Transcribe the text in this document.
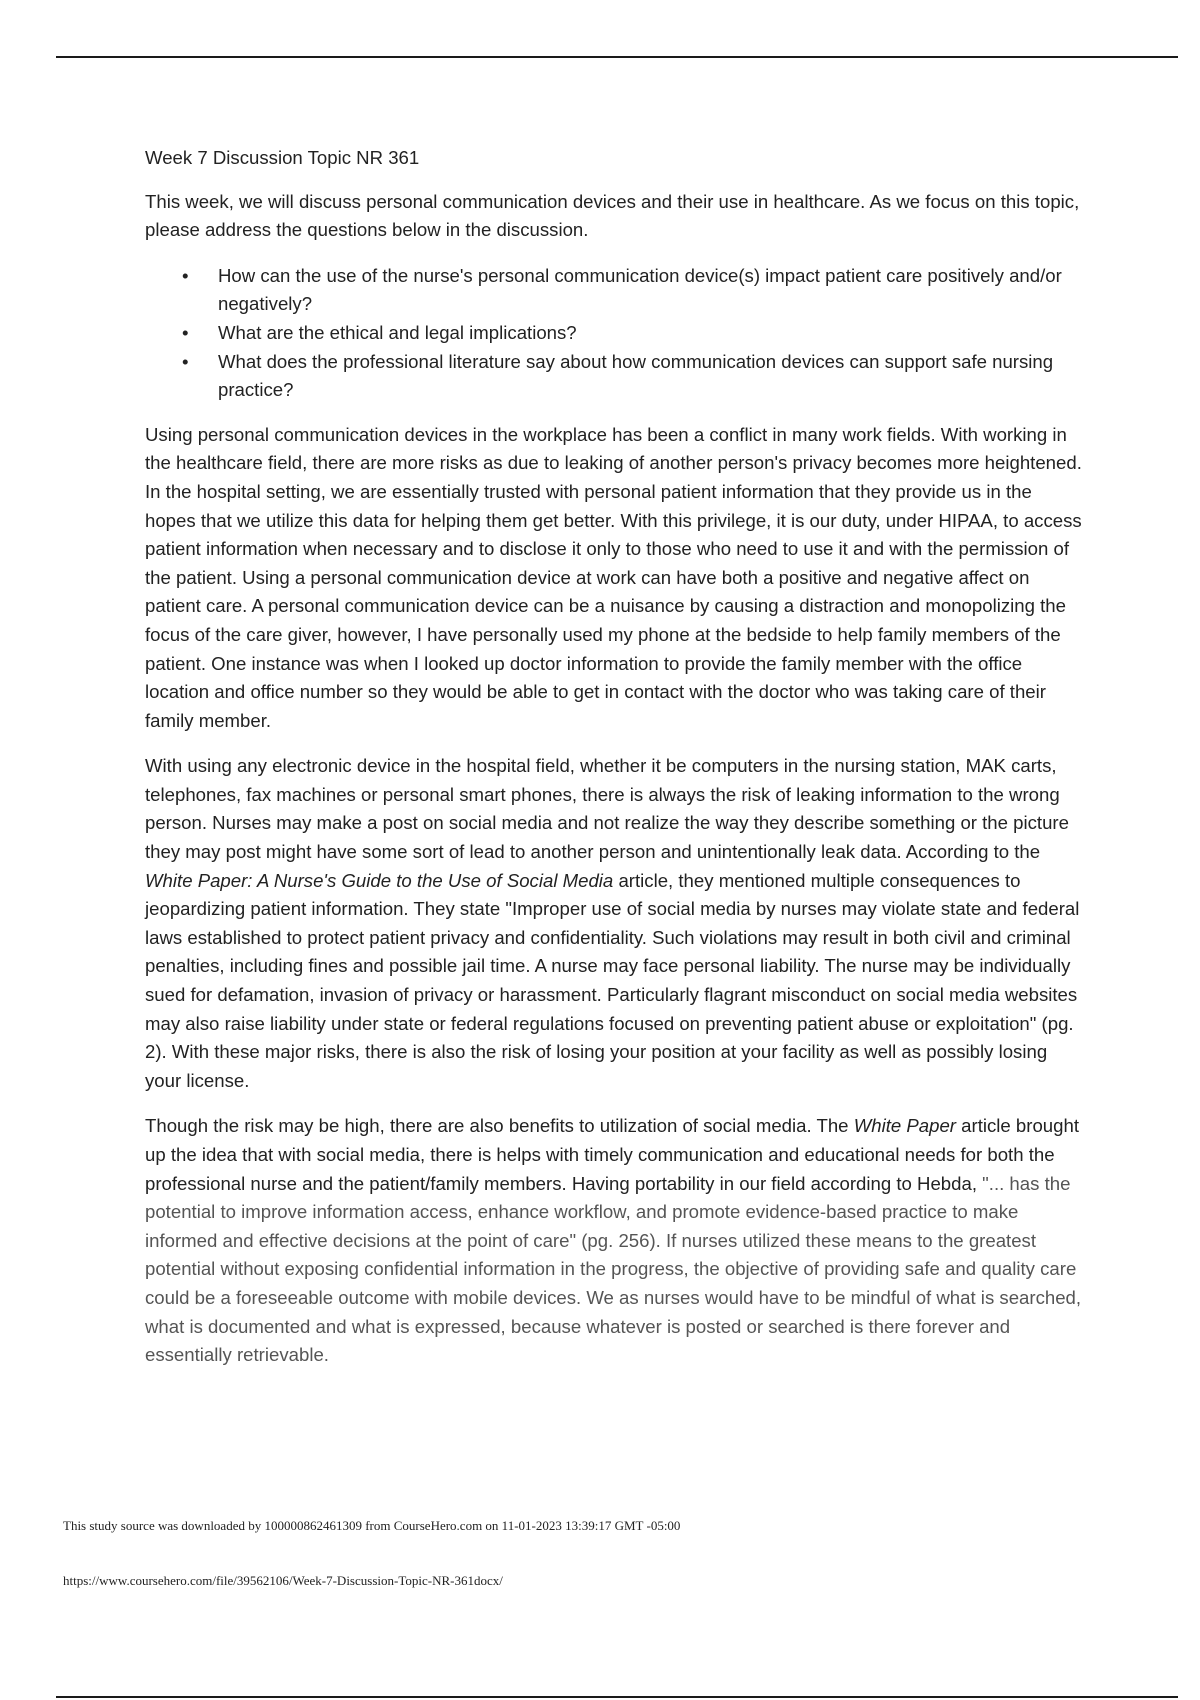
Week 7 Discussion Topic NR 361

This week, we will discuss personal communication devices and their use in healthcare. As we focus on this topic, please address the questions below in the discussion.

• How can the use of the nurse's personal communication device(s) impact patient care positively and/or negatively?
• What are the ethical and legal implications?
• What does the professional literature say about how communication devices can support safe nursing practice?

Using personal communication devices in the workplace has been a conflict in many work fields. With working in the healthcare field, there are more risks as due to leaking of another person's privacy becomes more heightened. In the hospital setting, we are essentially trusted with personal patient information that they provide us in the hopes that we utilize this data for helping them get better. With this privilege, it is our duty, under HIPAA, to access patient information when necessary and to disclose it only to those who need to use it and with the permission of the patient. Using a personal communication device at work can have both a positive and negative affect on patient care. A personal communication device can be a nuisance by causing a distraction and monopolizing the focus of the care giver, however, I have personally used my phone at the bedside to help family members of the patient. One instance was when I looked up doctor information to provide the family member with the office location and office number so they would be able to get in contact with the doctor who was taking care of their family member.

With using any electronic device in the hospital field, whether it be computers in the nursing station, MAK carts, telephones, fax machines or personal smart phones, there is always the risk of leaking information to the wrong person. Nurses may make a post on social media and not realize the way they describe something or the picture they may post might have some sort of lead to another person and unintentionally leak data. According to the White Paper: A Nurse's Guide to the Use of Social Media article, they mentioned multiple consequences to jeopardizing patient information. They state "Improper use of social media by nurses may violate state and federal laws established to protect patient privacy and confidentiality. Such violations may result in both civil and criminal penalties, including fines and possible jail time. A nurse may face personal liability. The nurse may be individually sued for defamation, invasion of privacy or harassment. Particularly flagrant misconduct on social media websites may also raise liability under state or federal regulations focused on preventing patient abuse or exploitation" (pg. 2). With these major risks, there is also the risk of losing your position at your facility as well as possibly losing your license.

Though the risk may be high, there are also benefits to utilization of social media. The White Paper article brought up the idea that with social media, there is helps with timely communication and educational needs for both the professional nurse and the patient/family members. Having portability in our field according to Hebda, "... has the potential to improve information access, enhance workflow, and promote evidence-based practice to make informed and effective decisions at the point of care" (pg. 256). If nurses utilized these means to the greatest potential without exposing confidential information in the progress, the objective of providing safe and quality care could be a foreseeable outcome with mobile devices. We as nurses would have to be mindful of what is searched, what is documented and what is expressed, because whatever is posted or searched is there forever and essentially retrievable.

This study source was downloaded by 100000862461309 from CourseHero.com on 11-01-2023 13:39:17 GMT -05:00
https://www.coursehero.com/file/39562106/Week-7-Discussion-Topic-NR-361docx/
